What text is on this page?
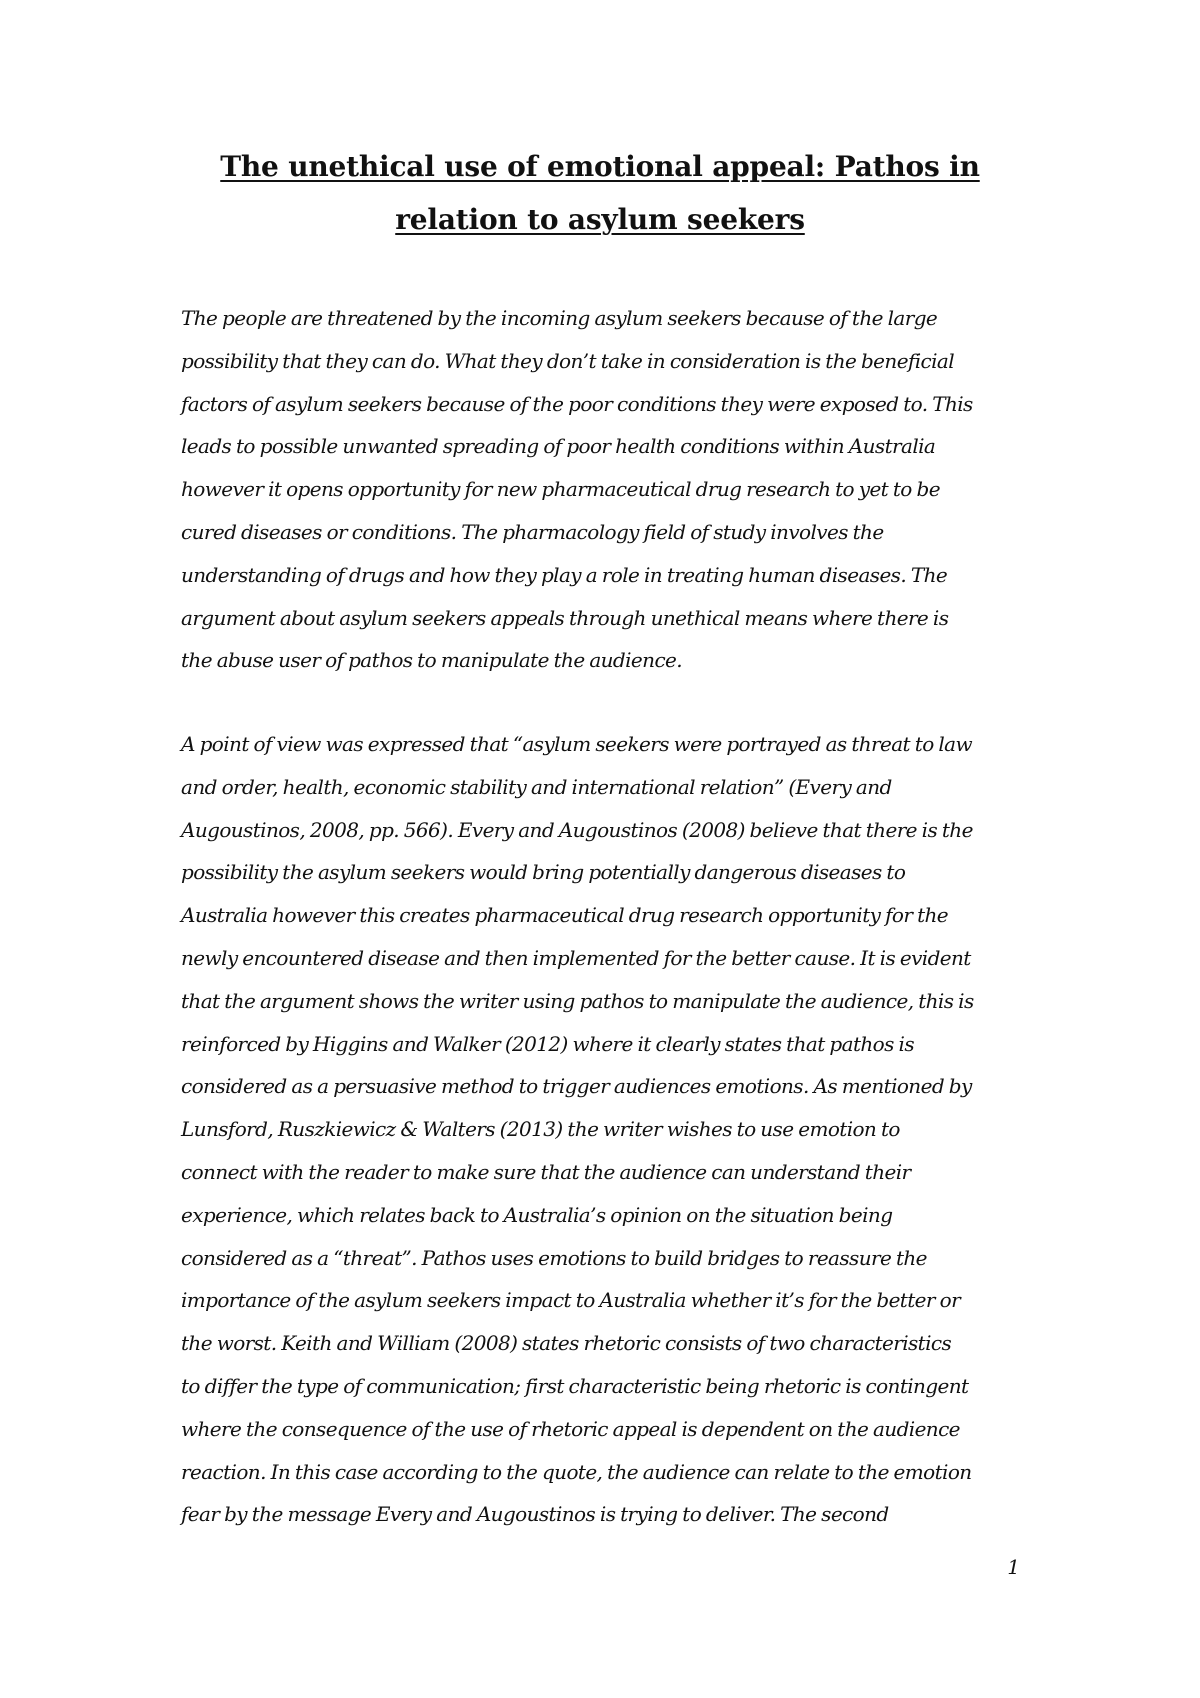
The unethical use of emotional appeal: Pathos in
relation to asylum seekers
The people are threatened by the incoming asylum seekers because of the large
possibility that they can do. What they don’t take in consideration is the beneficial
factors of asylum seekers because of the poor conditions they were exposed to. This
leads to possible unwanted spreading of poor health conditions within Australia
however it opens opportunity for new pharmaceutical drug research to yet to be
cured diseases or conditions. The pharmacology field of study involves the
understanding of drugs and how they play a role in treating human diseases. The
argument about asylum seekers appeals through unethical means where there is
the abuse user of pathos to manipulate the audience.
A point of view was expressed that “asylum seekers were portrayed as threat to law
and order, health, economic stability and international relation” (Every and
Augoustinos, 2008, pp. 566). Every and Augoustinos (2008) believe that there is the
possibility the asylum seekers would bring potentially dangerous diseases to
Australia however this creates pharmaceutical drug research opportunity for the
newly encountered disease and then implemented for the better cause. It is evident
that the argument shows the writer using pathos to manipulate the audience, this is
reinforced by Higgins and Walker (2012) where it clearly states that pathos is
considered as a persuasive method to trigger audiences emotions. As mentioned by
Lunsford, Ruszkiewicz & Walters (2013) the writer wishes to use emotion to
connect with the reader to make sure that the audience can understand their
experience, which relates back to Australia’s opinion on the situation being
considered as a “threat”. Pathos uses emotions to build bridges to reassure the
importance of the asylum seekers impact to Australia whether it’s for the better or
the worst. Keith and William (2008) states rhetoric consists of two characteristics
to differ the type of communication; first characteristic being rhetoric is contingent
where the consequence of the use of rhetoric appeal is dependent on the audience
reaction. In this case according to the quote, the audience can relate to the emotion
fear by the message Every and Augoustinos is trying to deliver. The second
1
